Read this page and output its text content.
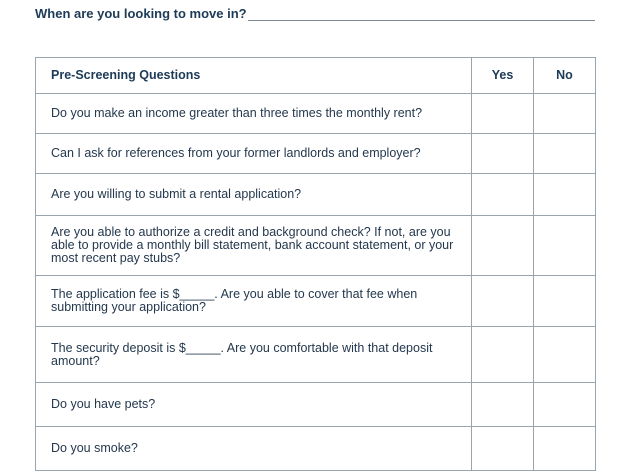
When are you looking to move in?
Pre-Screening Questions	Yes	No
Do you make an income greater than three times the monthly rent?		
Can I ask for references from your former landlords and employer?		
Are you willing to submit a rental application?		
Are you able to authorize a credit and background check? If not, are you able to provide a monthly bill statement, bank account statement, or your most recent pay stubs?		
The application fee is $_____. Are you able to cover that fee when submitting your application?		
The security deposit is $_____. Are you comfortable with that deposit amount?		
Do you have pets?		
Do you smoke?		
